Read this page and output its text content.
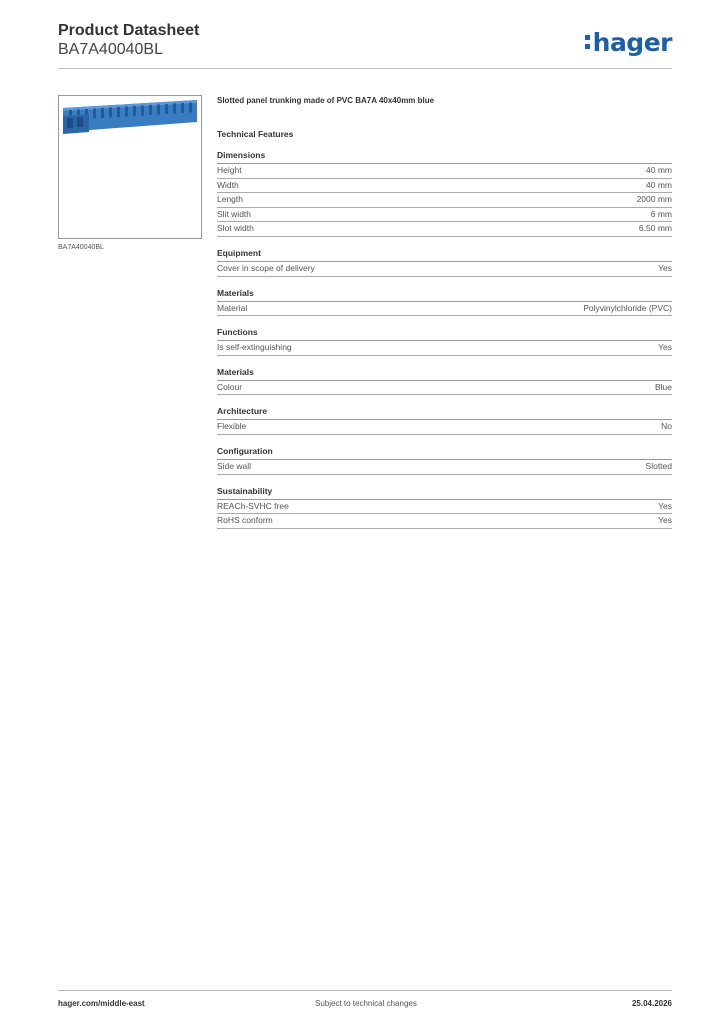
Product Datasheet
BA7A40040BL	hager
BA7A40040BL
Slotted panel trunking made of PVC BA7A 40x40mm blue
Technical Features
Dimensions
Height	40 mm
Width	40 mm
Length	2000 mm
Slit width	6 mm
Slot width	6.50 mm
Equipment
Cover in scope of delivery	Yes
Materials
Material	Polyvinylchloride (PVC)
Functions
Is self-extinguishing	Yes
Materials
Colour	Blue
Architecture
Flexible	No
Configuration
Side wall	Slotted
Sustainability
REACh-SVHC free	Yes
RoHS conform	Yes
hager.com/middle-east	Subject to technical changes	25.04.2026
